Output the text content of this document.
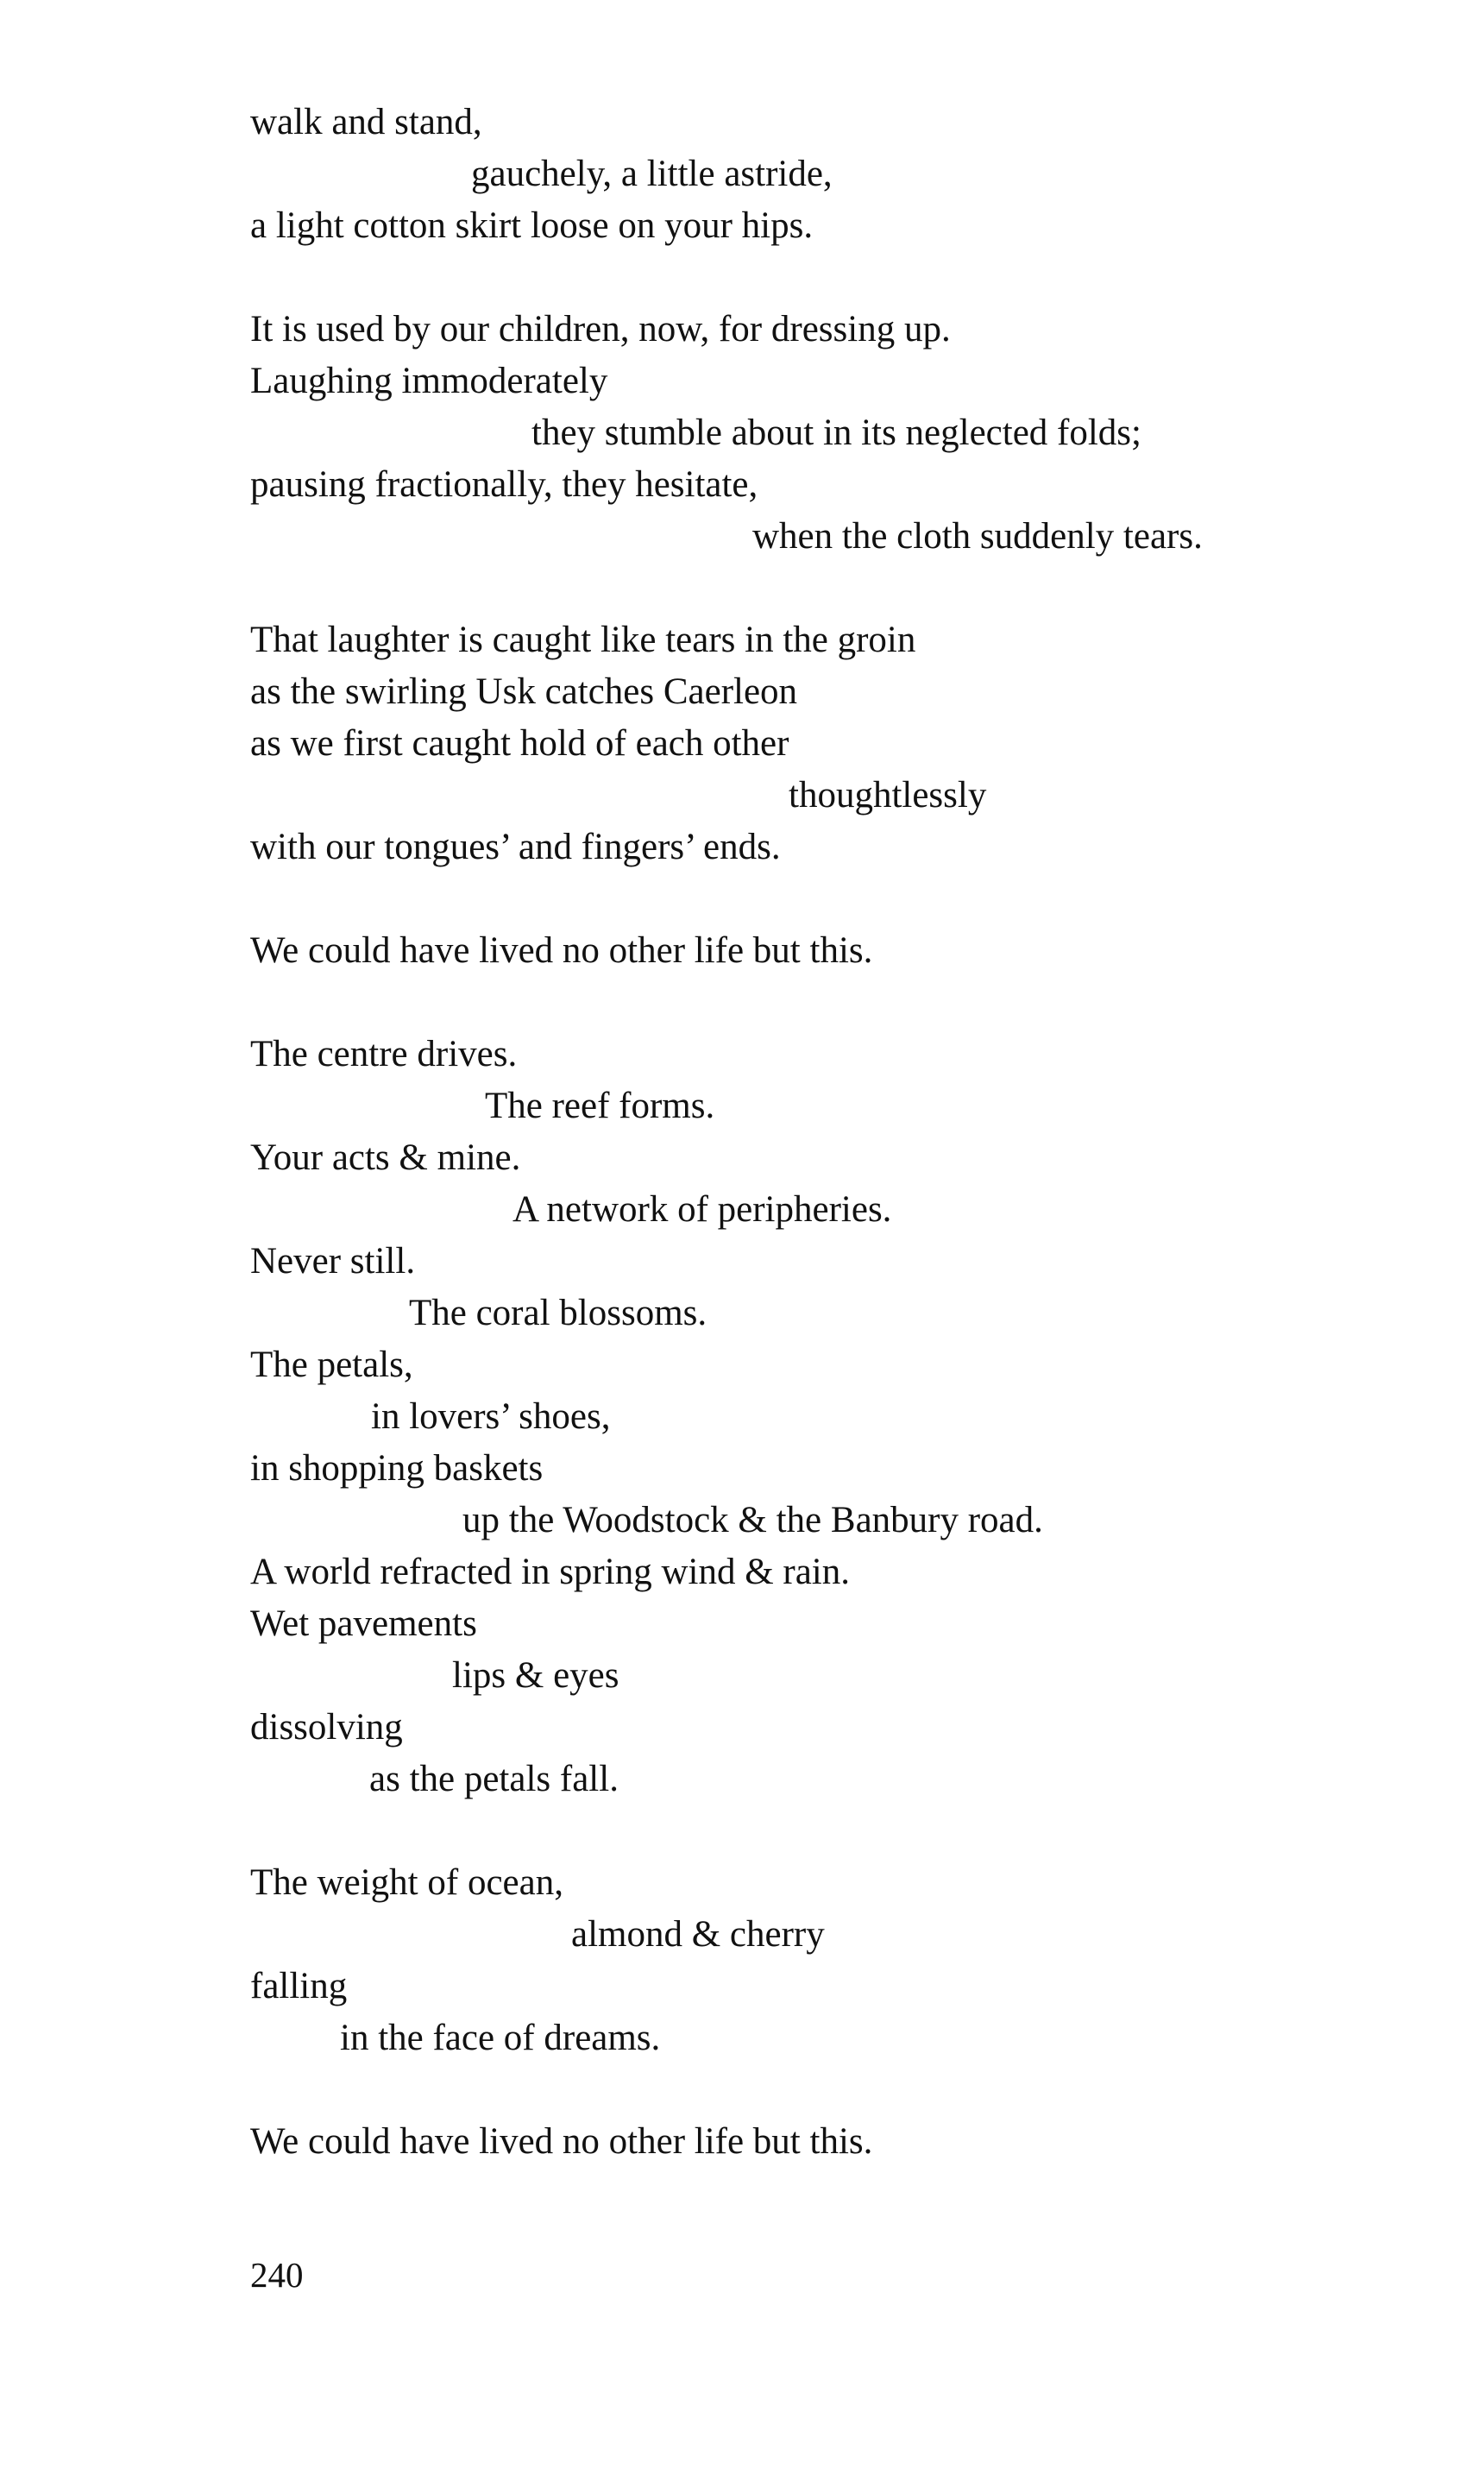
walk and stand,
gauchely, a little astride,
a light cotton skirt loose on your hips.
It is used by our children, now, for dressing up.
Laughing immoderately
they stumble about in its neglected folds;
pausing fractionally, they hesitate,
when the cloth suddenly tears.
That laughter is caught like tears in the groin
as the swirling Usk catches Caerleon
as we first caught hold of each other
thoughtlessly
with our tongues’ and fingers’ ends.
We could have lived no other life but this.
The centre drives.
The reef forms.
Your acts & mine.
A network of peripheries.
Never still.
The coral blossoms.
The petals,
in lovers’ shoes,
in shopping baskets
up the Woodstock & the Banbury road.
A world refracted in spring wind & rain.
Wet pavements
lips & eyes
dissolving
as the petals fall.
The weight of ocean,
almond & cherry
falling
in the face of dreams.
We could have lived no other life but this.
240
